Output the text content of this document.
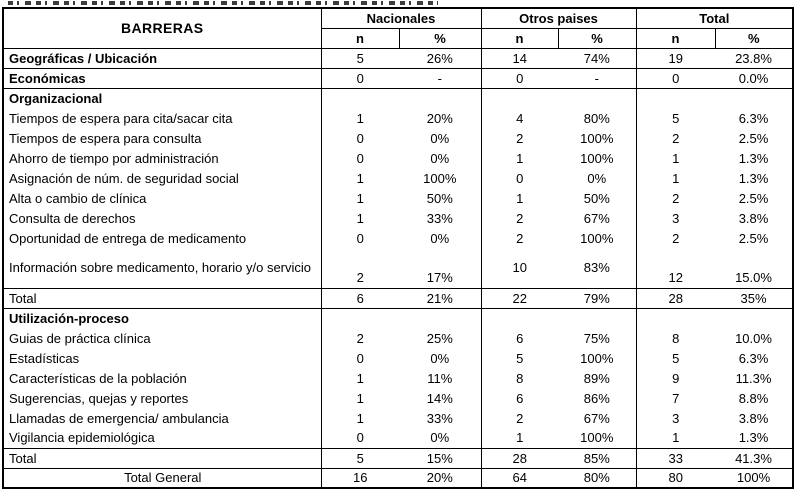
BARRERAS	Nacionales		Otros paises		Total	
	n	%	n	%	n	%
Geográficas / Ubicación	5	26%	14	74%	19	23.8%
Económicas	0	-	0	-	0	0.0%
Organizacional						
Tiempos de espera para cita/sacar cita	1	20%	4	80%	5	6.3%
Tiempos de espera para consulta	0	0%	2	100%	2	2.5%
Ahorro de tiempo por administración	0	0%	1	100%	1	1.3%
Asignación de núm. de seguridad social	1	100%	0	0%	1	1.3%
Alta o cambio de clínica	1	50%	1	50%	2	2.5%
Consulta de derechos	1	33%	2	67%	3	3.8%
Oportunidad de entrega de medicamento	0	0%	2	100%	2	2.5%
Información sobre medicamento, horario y/o servicio	2	17%	10	83%	12	15.0%
Total	6	21%	22	79%	28	35%
Utilización-proceso						
Guias de práctica clínica	2	25%	6	75%	8	10.0%
Estadísticas	0	0%	5	100%	5	6.3%
Características de la población	1	11%	8	89%	9	11.3%
Sugerencias, quejas y reportes	1	14%	6	86%	7	8.8%
Llamadas de emergencia/ ambulancia	1	33%	2	67%	3	3.8%
Vigilancia epidemiológica	0	0%	1	100%	1	1.3%
Total	5	15%	28	85%	33	41.3%
Total General	16	20%	64	80%	80	100%
